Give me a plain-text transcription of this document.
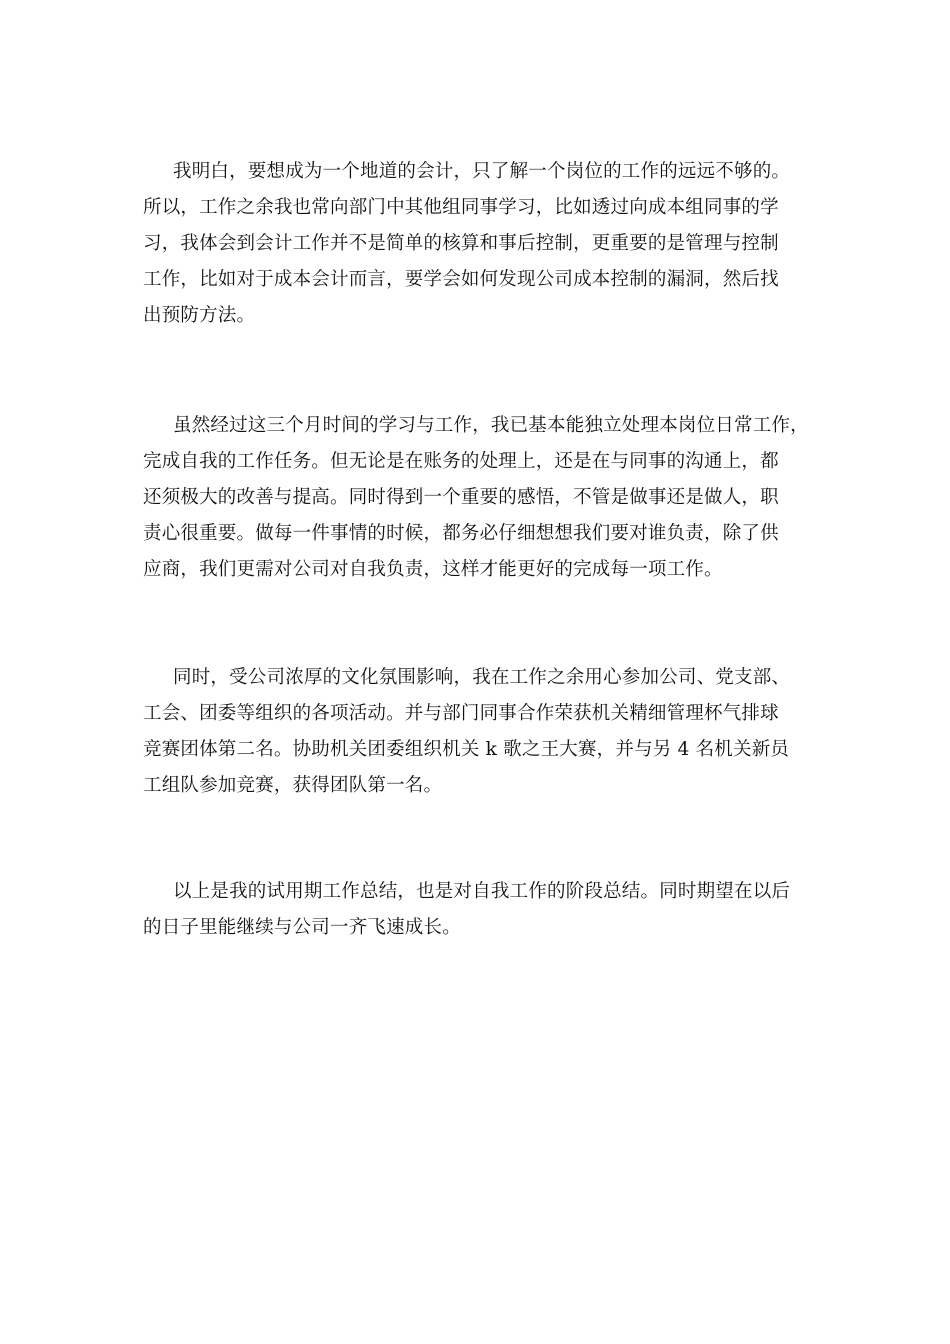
我明白，要想成为一个地道的会计，只了解一个岗位的工作的远远不够的。
所以，工作之余我也常向部门中其他组同事学习，比如透过向成本组同事的学
习，我体会到会计工作并不是简单的核算和事后控制，更重要的是管理与控制
工作，比如对于成本会计而言，要学会如何发现公司成本控制的漏洞，然后找
出预防方法。
虽然经过这三个月时间的学习与工作，我已基本能独立处理本岗位日常工作，
完成自我的工作任务。但无论是在账务的处理上，还是在与同事的沟通上，都
还须极大的改善与提高。同时得到一个重要的感悟，不管是做事还是做人，职
责心很重要。做每一件事情的时候，都务必仔细想想我们要对谁负责，除了供
应商，我们更需对公司对自我负责，这样才能更好的完成每一项工作。
同时，受公司浓厚的文化氛围影响，我在工作之余用心参加公司、党支部、
工会、团委等组织的各项活动。并与部门同事合作荣获机关精细管理杯气排球
竞赛团体第二名。协助机关团委组织机关 k 歌之王大赛，并与另 4 名机关新员
工组队参加竞赛，获得团队第一名。
以上是我的试用期工作总结，也是对自我工作的阶段总结。同时期望在以后
的日子里能继续与公司一齐飞速成长。
